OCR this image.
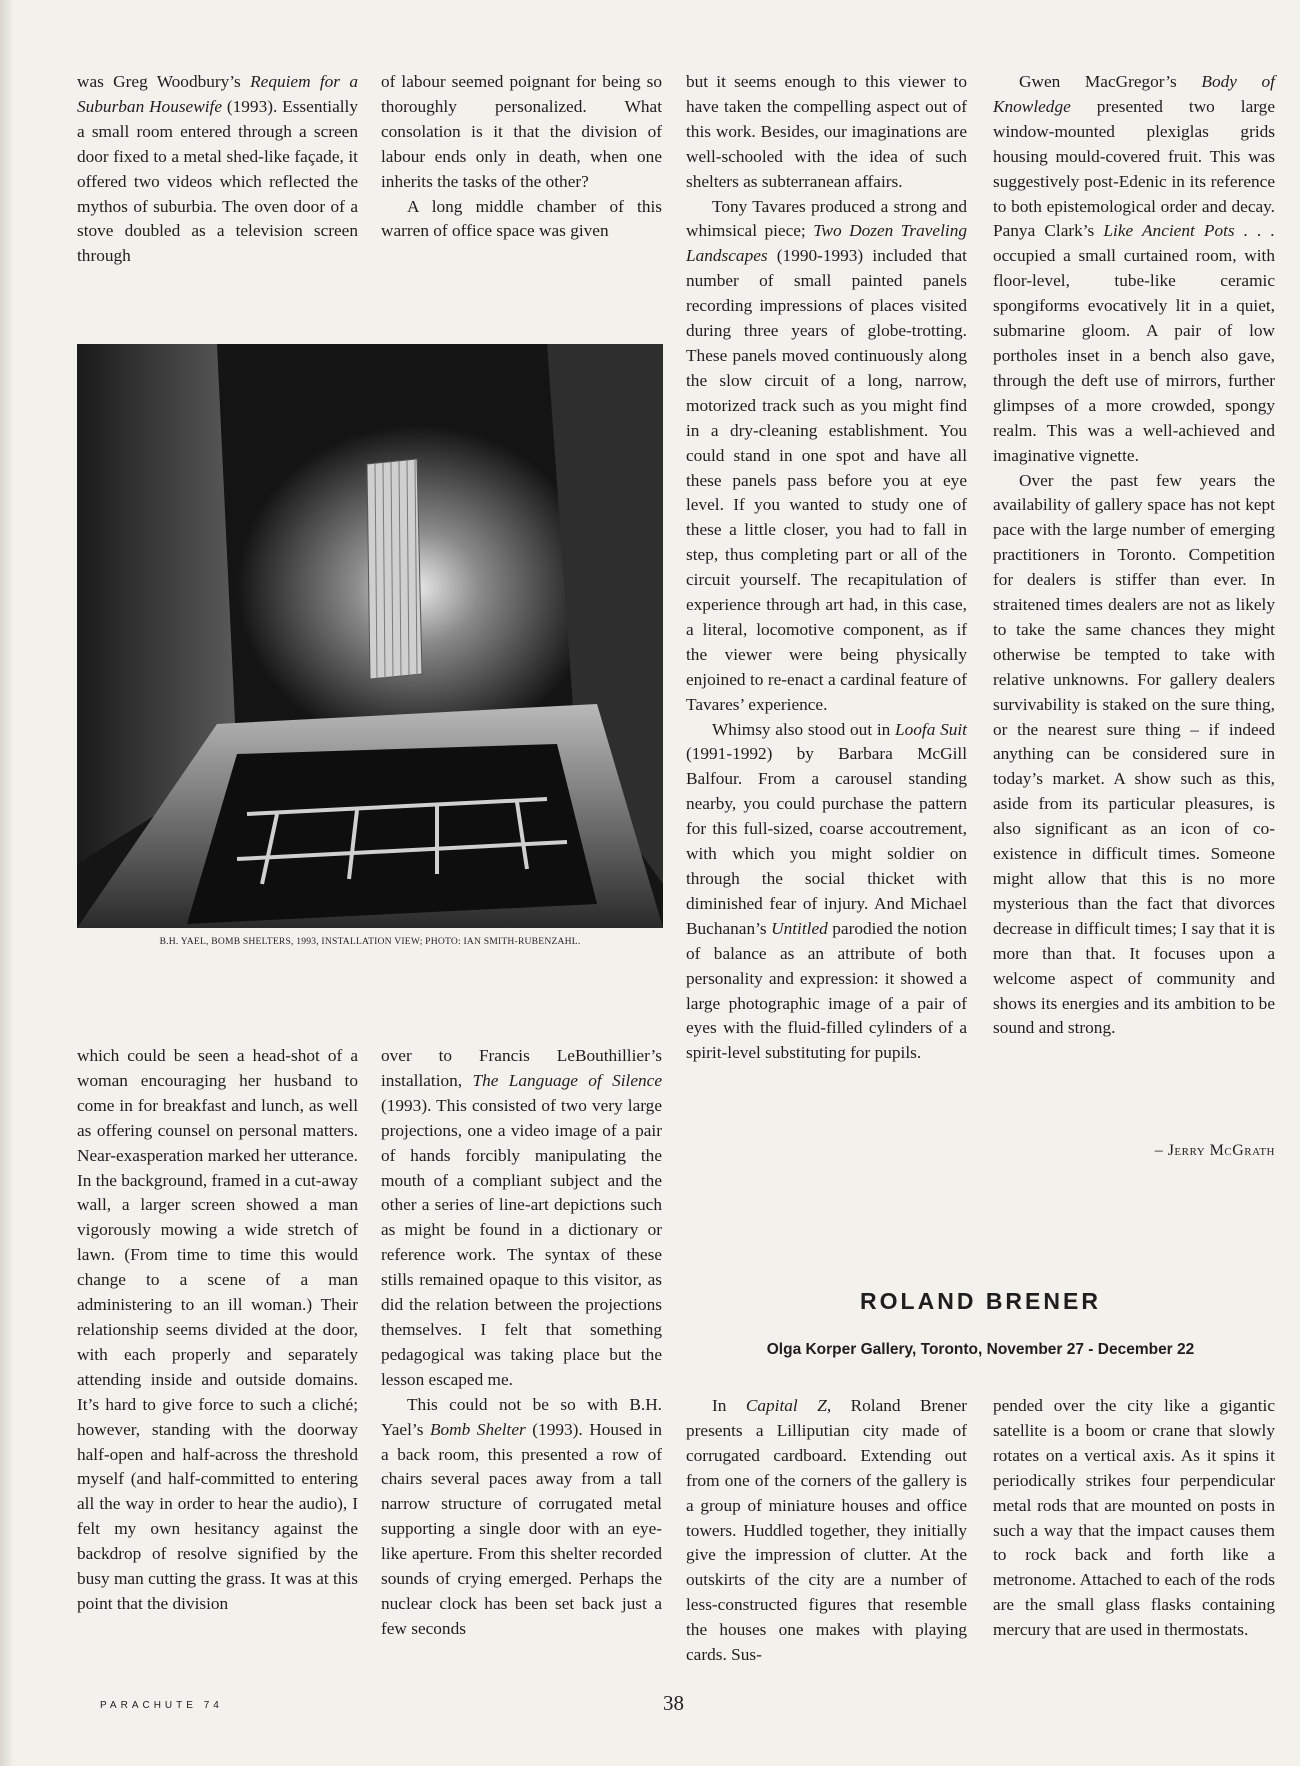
was Greg Woodbury’s Requiem for a Suburban Housewife (1993). Essentially a small room entered through a screen door fixed to a metal shed-like façade, it offered two videos which reflected the mythos of suburbia. The oven door of a stove doubled as a television screen through

of labour seemed poignant for being so thoroughly personalized. What consolation is it that the division of labour ends only in death, when one inherits the tasks of the other?

A long middle chamber of this warren of office space was given

B.H. YAEL, BOMB SHELTERS, 1993, INSTALLATION VIEW; PHOTO: IAN SMITH-RUBENZAHL.

which could be seen a head-shot of a woman encouraging her husband to come in for breakfast and lunch, as well as offering counsel on personal matters. Near-exasperation marked her utterance. In the background, framed in a cut-away wall, a larger screen showed a man vigorously mowing a wide stretch of lawn. (From time to time this would change to a scene of a man administering to an ill woman.) Their relationship seems divided at the door, with each properly and separately attending inside and outside domains. It’s hard to give force to such a cliché; however, standing with the doorway half-open and half-across the threshold myself (and half-committed to entering all the way in order to hear the audio), I felt my own hesitancy against the backdrop of resolve signified by the busy man cutting the grass. It was at this point that the division

over to Francis LeBouthillier’s installation, The Language of Silence (1993). This consisted of two very large projections, one a video image of a pair of hands forcibly manipulating the mouth of a compliant subject and the other a series of line-art depictions such as might be found in a dictionary or reference work. The syntax of these stills remained opaque to this visitor, as did the relation between the projections themselves. I felt that something pedagogical was taking place but the lesson escaped me.

This could not be so with B.H. Yael’s Bomb Shelter (1993). Housed in a back room, this presented a row of chairs several paces away from a tall narrow structure of corrugated metal supporting a single door with an eye-like aperture. From this shelter recorded sounds of crying emerged. Perhaps the nuclear clock has been set back just a few seconds

but it seems enough to this viewer to have taken the compelling aspect out of this work. Besides, our imaginations are well-schooled with the idea of such shelters as subterranean affairs.

Tony Tavares produced a strong and whimsical piece; Two Dozen Traveling Landscapes (1990-1993) included that number of small painted panels recording impressions of places visited during three years of globe-trotting. These panels moved continuously along the slow circuit of a long, narrow, motorized track such as you might find in a dry-cleaning establishment. You could stand in one spot and have all these panels pass before you at eye level. If you wanted to study one of these a little closer, you had to fall in step, thus completing part or all of the circuit yourself. The recapitulation of experience through art had, in this case, a literal, locomotive component, as if the viewer were being physically enjoined to re-enact a cardinal feature of Tavares’ experience.

Whimsy also stood out in Loofa Suit (1991-1992) by Barbara McGill Balfour. From a carousel standing nearby, you could purchase the pattern for this full-sized, coarse accoutrement, with which you might soldier on through the social thicket with diminished fear of injury. And Michael Buchanan’s Untitled parodied the notion of balance as an attribute of both personality and expression: it showed a large photographic image of a pair of eyes with the fluid-filled cylinders of a spirit-level substituting for pupils.

Gwen MacGregor’s Body of Knowledge presented two large window-mounted plexiglas grids housing mould-covered fruit. This was suggestively post-Edenic in its reference to both epistemological order and decay. Panya Clark’s Like Ancient Pots . . . occupied a small curtained room, with floor-level, tube-like ceramic spongiforms evocatively lit in a quiet, submarine gloom. A pair of low portholes inset in a bench also gave, through the deft use of mirrors, further glimpses of a more crowded, spongy realm. This was a well-achieved and imaginative vignette.

Over the past few years the availability of gallery space has not kept pace with the large number of emerging practitioners in Toronto. Competition for dealers is stiffer than ever. In straitened times dealers are not as likely to take the same chances they might otherwise be tempted to take with relative unknowns. For gallery dealers survivability is staked on the sure thing, or the nearest sure thing – if indeed anything can be considered sure in today’s market. A show such as this, aside from its particular pleasures, is also significant as an icon of co-existence in difficult times. Someone might allow that this is no more mysterious than the fact that divorces decrease in difficult times; I say that it is more than that. It focuses upon a welcome aspect of community and shows its energies and its ambition to be sound and strong.

– Jerry McGrath
ROLAND BRENER
Olga Korper Gallery, Toronto, November 27 - December 22

In Capital Z, Roland Brener presents a Lilliputian city made of corrugated cardboard. Extending out from one of the corners of the gallery is a group of miniature houses and office towers. Huddled together, they initially give the impression of clutter. At the outskirts of the city are a number of less-constructed figures that resemble the houses one makes with playing cards. Sus-

pended over the city like a gigantic satellite is a boom or crane that slowly rotates on a vertical axis. As it spins it periodically strikes four perpendicular metal rods that are mounted on posts in such a way that the impact causes them to rock back and forth like a metronome. Attached to each of the rods are the small glass flasks containing mercury that are used in thermostats.

PARACHUTE 74	38
